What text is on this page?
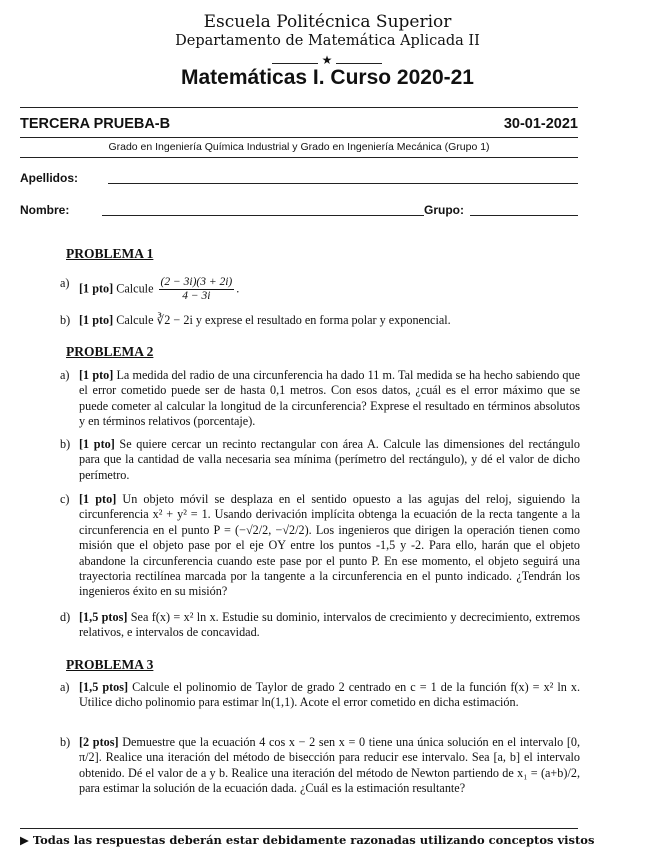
Escuela Politécnica Superior
Departamento de Matemática Aplicada II
★
Matemáticas I. Curso 2020-21
TERCERA PRUEBA-B	30-01-2021
Grado en Ingeniería Química Industrial y Grado en Ingeniería Mecánica (Grupo 1)
Apellidos:
Nombre:	Grupo:
PROBLEMA 1
a) [1 pto] Calcule $\frac{(2 - 3i)(3 + 2i)}{4 - 3i}$ .
b) [1 pto] Calcule ∛2 − 2i y exprese el resultado en forma polar y exponencial.
PROBLEMA 2
a) [1 pto] La medida del radio de una circunferencia ha dado 11 m. Tal medida se ha hecho sabiendo que el error cometido puede ser de hasta 0,1 metros. Con esos datos, ¿cuál es el error máximo que se puede cometer al calcular la longitud de la circunferencia? Exprese el resultado en términos absolutos y en términos relativos (porcentaje).
b) [1 pto] Se quiere cercar un recinto rectangular con área A. Calcule las dimensiones del rectángulo para que la cantidad de valla necesaria sea mínima (perímetro del rectángulo), y dé el valor de dicho perímetro.
c) [1 pto] Un objeto móvil se desplaza en el sentido opuesto a las agujas del reloj, siguiendo la circunferencia x² + y² = 1. Usando derivación implícita obtenga la ecuación de la recta tangente a la circunferencia en el punto P = (−√2/2, −√2/2). Los ingenieros que dirigen la operación tienen como misión que el objeto pase por el eje OY entre los puntos -1,5 y -2. Para ello, harán que el objeto abandone la circunferencia cuando este pase por el punto P. En ese momento, el objeto seguirá una trayectoria rectilínea marcada por la tangente a la circunferencia en el punto indicado. ¿Tendrán los ingenieros éxito en su misión?
d) [1,5 ptos] Sea f(x) = x² ln x. Estudie su dominio, intervalos de crecimiento y decrecimiento, extremos relativos, e intervalos de concavidad.
PROBLEMA 3
a) [1,5 ptos] Calcule el polinomio de Taylor de grado 2 centrado en c = 1 de la función f(x) = x² ln x. Utilice dicho polinomio para estimar ln(1,1). Acote el error cometido en dicha estimación.
b) [2 ptos] Demuestre que la ecuación 4 cos x − 2 sen x = 0 tiene una única solución en el intervalo [0, π/2]. Realice una iteración del método de bisección para reducir ese intervalo. Sea [a, b] el intervalo obtenido. Dé el valor de a y b. Realice una iteración del método de Newton partiendo de x₁ = (a+b)/2, para estimar la solución de la ecuación dada. ¿Cuál es la estimación resultante?
▶ Todas las respuestas deberán estar debidamente razonadas utilizando conceptos vistos
